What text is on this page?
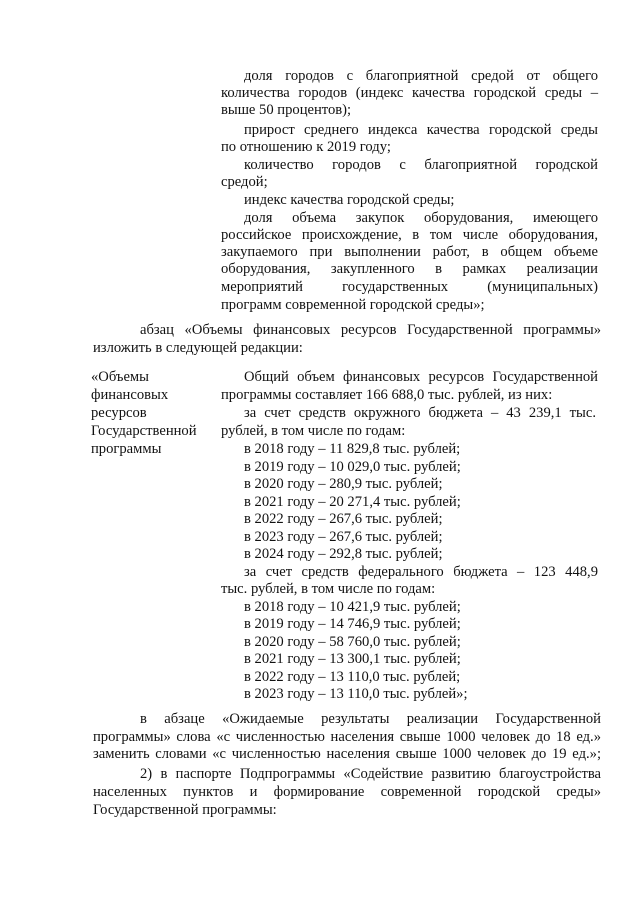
доля городов с благоприятной средой от общего
количества городов (индекс качества городской среды –
выше 50 процентов);
прирост среднего индекса качества городской среды
по отношению к 2019 году;
количество городов с благоприятной городской
средой;
индекс качества городской среды;
доля объема закупок оборудования, имеющего
российское происхождение, в том числе оборудования,
закупаемого при выполнении работ, в общем объеме
оборудования, закупленного в рамках реализации
мероприятий государственных (муниципальных)
программ современной городской среды»;
абзац «Объемы финансовых ресурсов Государственной программы»
изложить в следующей редакции:
«Объемы
финансовых
ресурсов
Государственной
программы
Общий объем финансовых ресурсов Государственной
программы составляет 166 688,0 тыс. рублей, из них:
за счет средств окружного бюджета – 43 239,1 тыс.
рублей, в том числе по годам:
в 2018 году – 11 829,8 тыс. рублей;
в 2019 году – 10 029,0 тыс. рублей;
в 2020 году – 280,9 тыс. рублей;
в 2021 году – 20 271,4 тыс. рублей;
в 2022 году – 267,6 тыс. рублей;
в 2023 году – 267,6 тыс. рублей;
в 2024 году – 292,8 тыс. рублей;
за счет средств федерального бюджета – 123 448,9
тыс. рублей, в том числе по годам:
в 2018 году – 10 421,9 тыс. рублей;
в 2019 году – 14 746,9 тыс. рублей;
в 2020 году – 58 760,0 тыс. рублей;
в 2021 году – 13 300,1 тыс. рублей;
в 2022 году – 13 110,0 тыс. рублей;
в 2023 году – 13 110,0 тыс. рублей»;
в абзаце «Ожидаемые результаты реализации Государственной
программы» слова «с численностью населения свыше 1000 человек до 18 ед.»
заменить словами «с численностью населения свыше 1000 человек до 19 ед.»;
2) в паспорте Подпрограммы «Содействие развитию благоустройства
населенных пунктов и формирование современной городской среды»
Государственной программы:
